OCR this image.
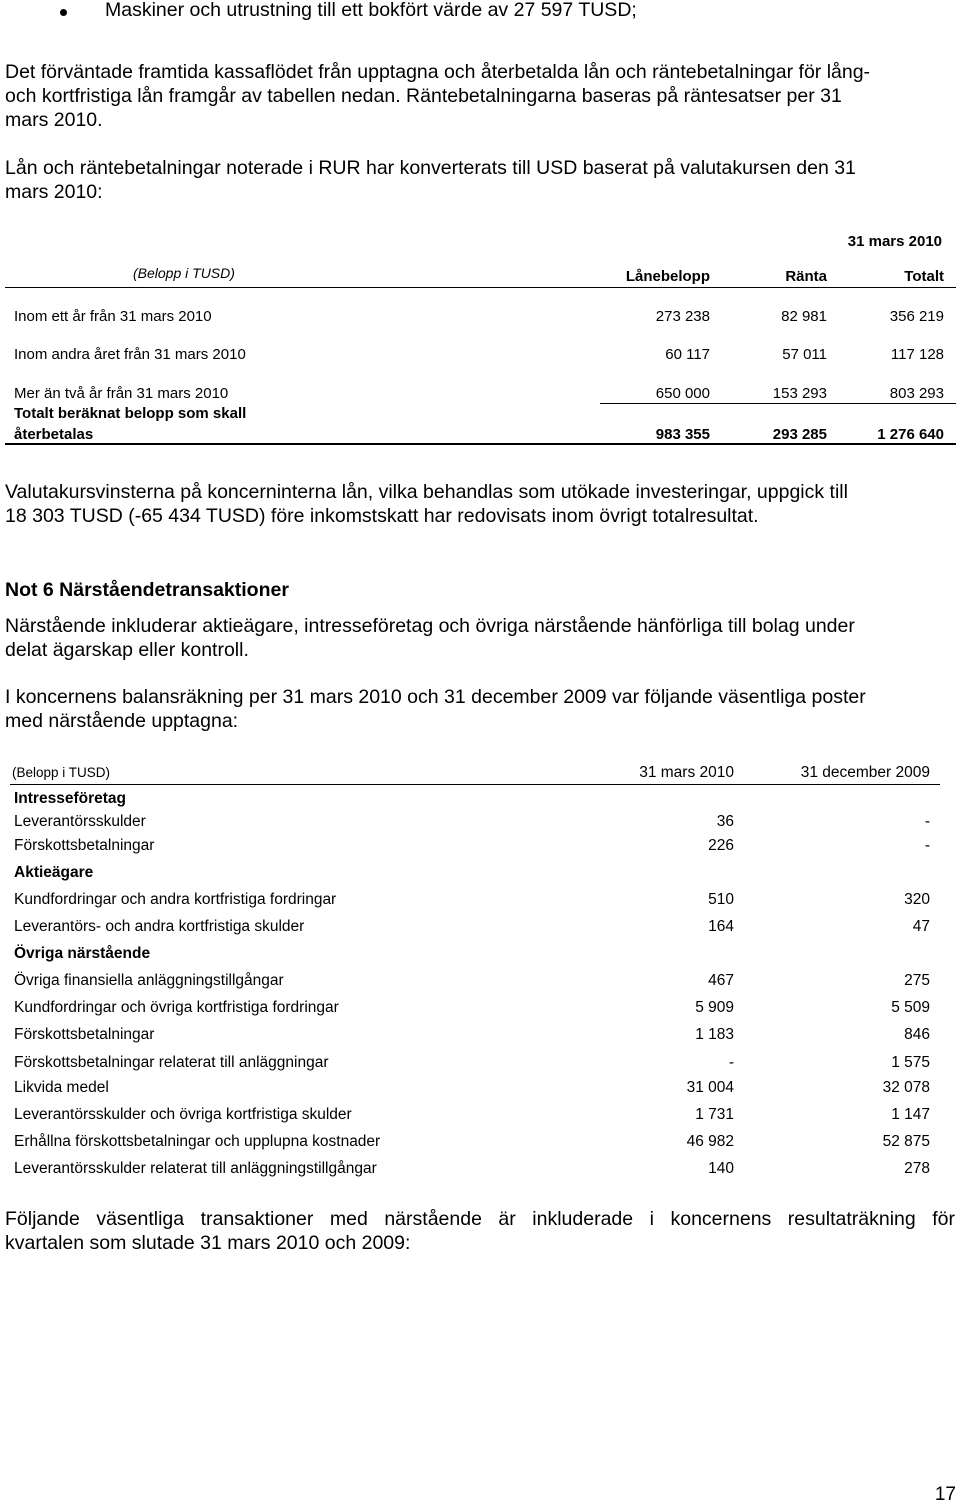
Maskiner och utrustning till ett bokfört värde av 27 597 TUSD;

Det förväntade framtida kassaflödet från upptagna och återbetalda lån och räntebetalningar för lång-

och kortfristiga lån framgår av tabellen nedan. Räntebetalningarna baseras på räntesatser per 31

mars 2010.

Lån och räntebetalningar noterade i RUR har konverterats till USD baserat på valutakursen den 31

mars 2010:

31 mars 2010
(Belopp i TUSD)	Lånebelopp	Ränta	Totalt
Inom ett år från 31 mars 2010	273 238	82 981	356 219
Inom andra året från 31 mars 2010	60 117	57 011	117 128
Mer än två år från 31 mars 2010	650 000	153 293	803 293
Totalt beräknat belopp som skall
återbetalas	983 355	293 285	1 276 640

Valutakursvinsterna på koncerninterna lån, vilka behandlas som utökade investeringar, uppgick till

18 303 TUSD (-65 434 TUSD) före inkomstskatt har redovisats inom övrigt totalresultat.

Not 6 Närståendetransaktioner

Närstående inkluderar aktieägare, intresseföretag och övriga närstående hänförliga till bolag under

delat ägarskap eller kontroll.

I koncernens balansräkning per 31 mars 2010 och 31 december 2009 var följande väsentliga poster

med närstående upptagna:

(Belopp i TUSD)	31 mars 2010	31 december 2009
Intresseföretag
Leverantörsskulder	36	-
Förskottsbetalningar	226	-
Aktieägare
Kundfordringar och andra kortfristiga fordringar	510	320
Leverantörs- och andra kortfristiga skulder	164	47
Övriga närstående
Övriga finansiella anläggningstillgångar	467	275
Kundfordringar och övriga kortfristiga fordringar	5 909	5 509
Förskottsbetalningar	1 183	846
Förskottsbetalningar relaterat till anläggningar	-	1 575
Likvida medel	31 004	32 078
Leverantörsskulder och övriga kortfristiga skulder	1 731	1 147
Erhållna förskottsbetalningar och upplupna kostnader	46 982	52 875
Leverantörsskulder relaterat till anläggningstillgångar	140	278

Följande väsentliga transaktioner med närstående är inkluderade i koncernens resultaträkning för

kvartalen som slutade 31 mars 2010 och 2009:

17
